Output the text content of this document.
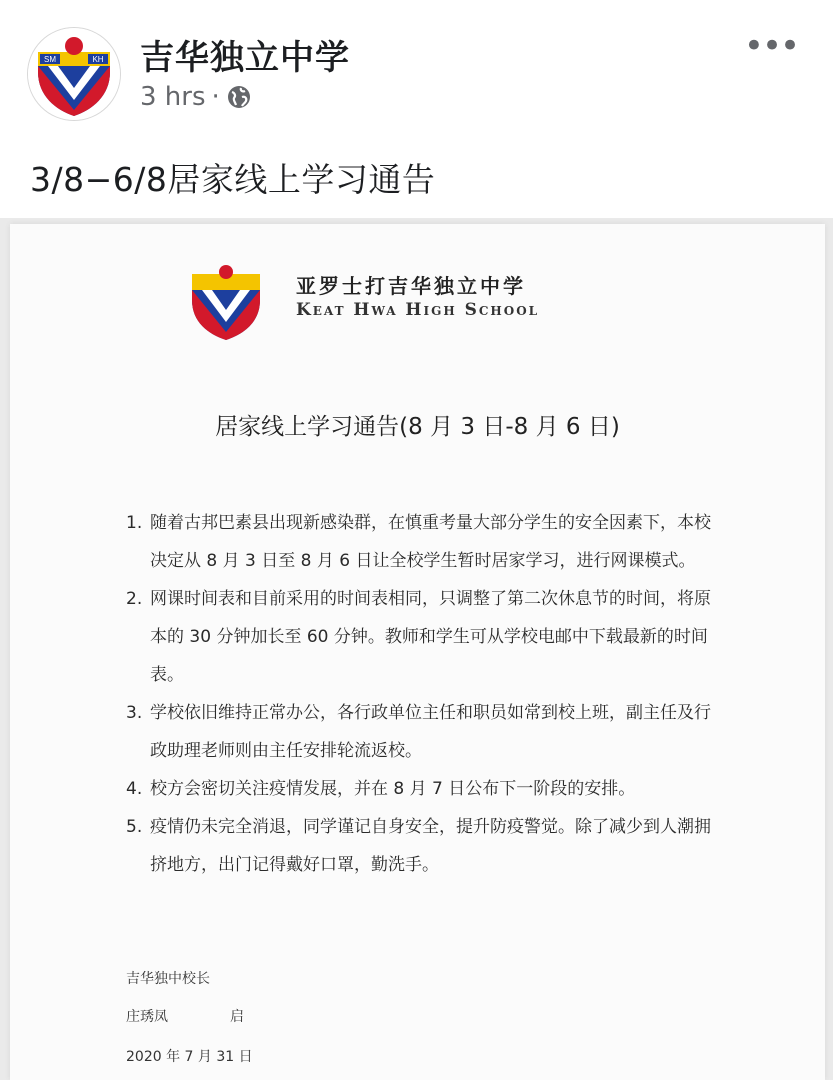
SM	KH 吉华独立中学
3 hrs ·
•••
3/8−6/8居家线上学习通告
亚罗士打吉华独立中学
Keat Hwa High School
居家线上学习通告(8 月 3 日-8 月 6 日)
1. 随着古邦巴素县出现新感染群，在慎重考量大部分学生的安全因素下，本校决定从 8 月 3 日至 8 月 6 日让全校学生暂时居家学习，进行网课模式。
2. 网课时间表和目前采用的时间表相同，只调整了第二次休息节的时间，将原本的 30 分钟加长至 60 分钟。教师和学生可从学校电邮中下载最新的时间表。
3. 学校依旧维持正常办公，各行政单位主任和职员如常到校上班，副主任及行政助理老师则由主任安排轮流返校。
4. 校方会密切关注疫情发展，并在 8 月 7 日公布下一阶段的安排。
5. 疫情仍未完全消退，同学谨记自身安全，提升防疫警觉。除了减少到人潮拥挤地方，出门记得戴好口罩，勤洗手。
吉华独中校长
庄琇凤	启
2020 年 7 月 31 日
